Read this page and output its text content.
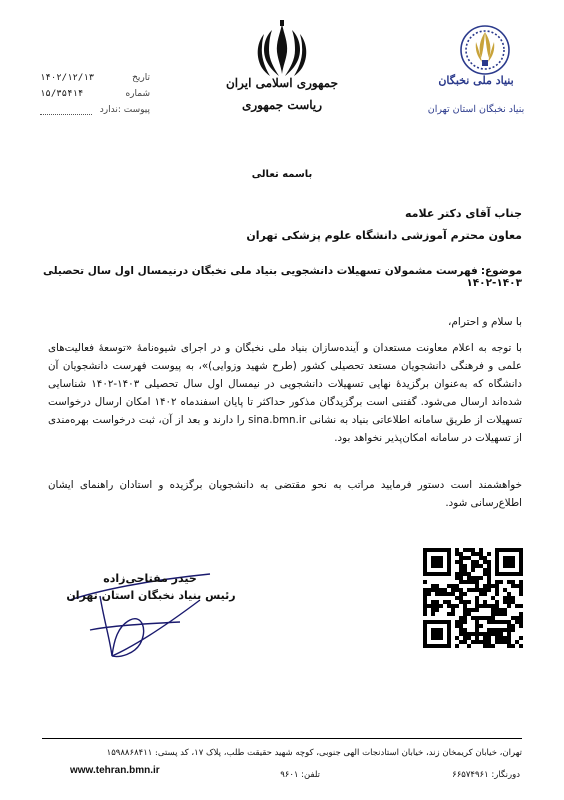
جمهوری اسلامی ایران
ریاست جمهوری
بنیاد ملی نخبگان
بنیاد نخبگان استان تهران
تاریخ
۱۴۰۲/۱۲/۱۳
شماره
۱۵/۳۵۴۱۴
پیوست :ندارد
باسمه تعالی
جناب آقای دکتر علامه
معاون محترم آموزشی دانشگاه علوم پزشکی تهران
موضوع:فهرست مشمولان تسهیلات دانشجویی بنیاد ملی نخبگان درنیمسال اول سال تحصیلی ۱۴۰۳-۱۴۰۲
با سلام و احترام،
با توجه به اعلام معاونت مستعدان و آینده‌سازان بنیاد ملی نخبگان و در اجرای شیوه‌نامهٔ «توسعهٔ فعالیت‌های علمی و فرهنگی دانشجویان مستعد تحصیلی کشور (طرح شهید وزوایی)»، به پیوست فهرست دانشجویان آن دانشگاه که به‌عنوان برگزیدهٔ نهایی تسهیلات دانشجویی در نیمسال اول سال تحصیلی ۱۴۰۳-۱۴۰۲ شناسایی شده‌اند ارسال می‌شود. گفتنی است برگزیدگان مذکور حداکثر تا پایان اسفندماه ۱۴۰۲ امکان ارسال درخواست تسهیلات از طریق سامانه اطلاعاتی بنیاد به نشانی sina.bmn.ir را دارند و بعد از آن، ثبت درخواست بهره‌مندی از تسهیلات در سامانه امکان‌پذیر نخواهد بود.
خواهشمند است دستور فرمایید مراتب به نحو مقتضی به دانشجویان برگزیده و استادان راهنمای ایشان اطلاع‌رسانی شود.
حیدر مفتاحی‌زاده
رئیس بنیاد نخبگان استان تهران
تهران، خیابان کریمخان زند، خیابان استادنجات الهی جنوبی، کوچه شهید حقیقت طلب، پلاک ۱۷، کد پستی: ۱۵۹۸۸۶۸۴۱۱
www.tehran.bmn.ir	تلفن: ۹۶۰۱	دورنگار: ۶۶۵۷۴۹۶۱
